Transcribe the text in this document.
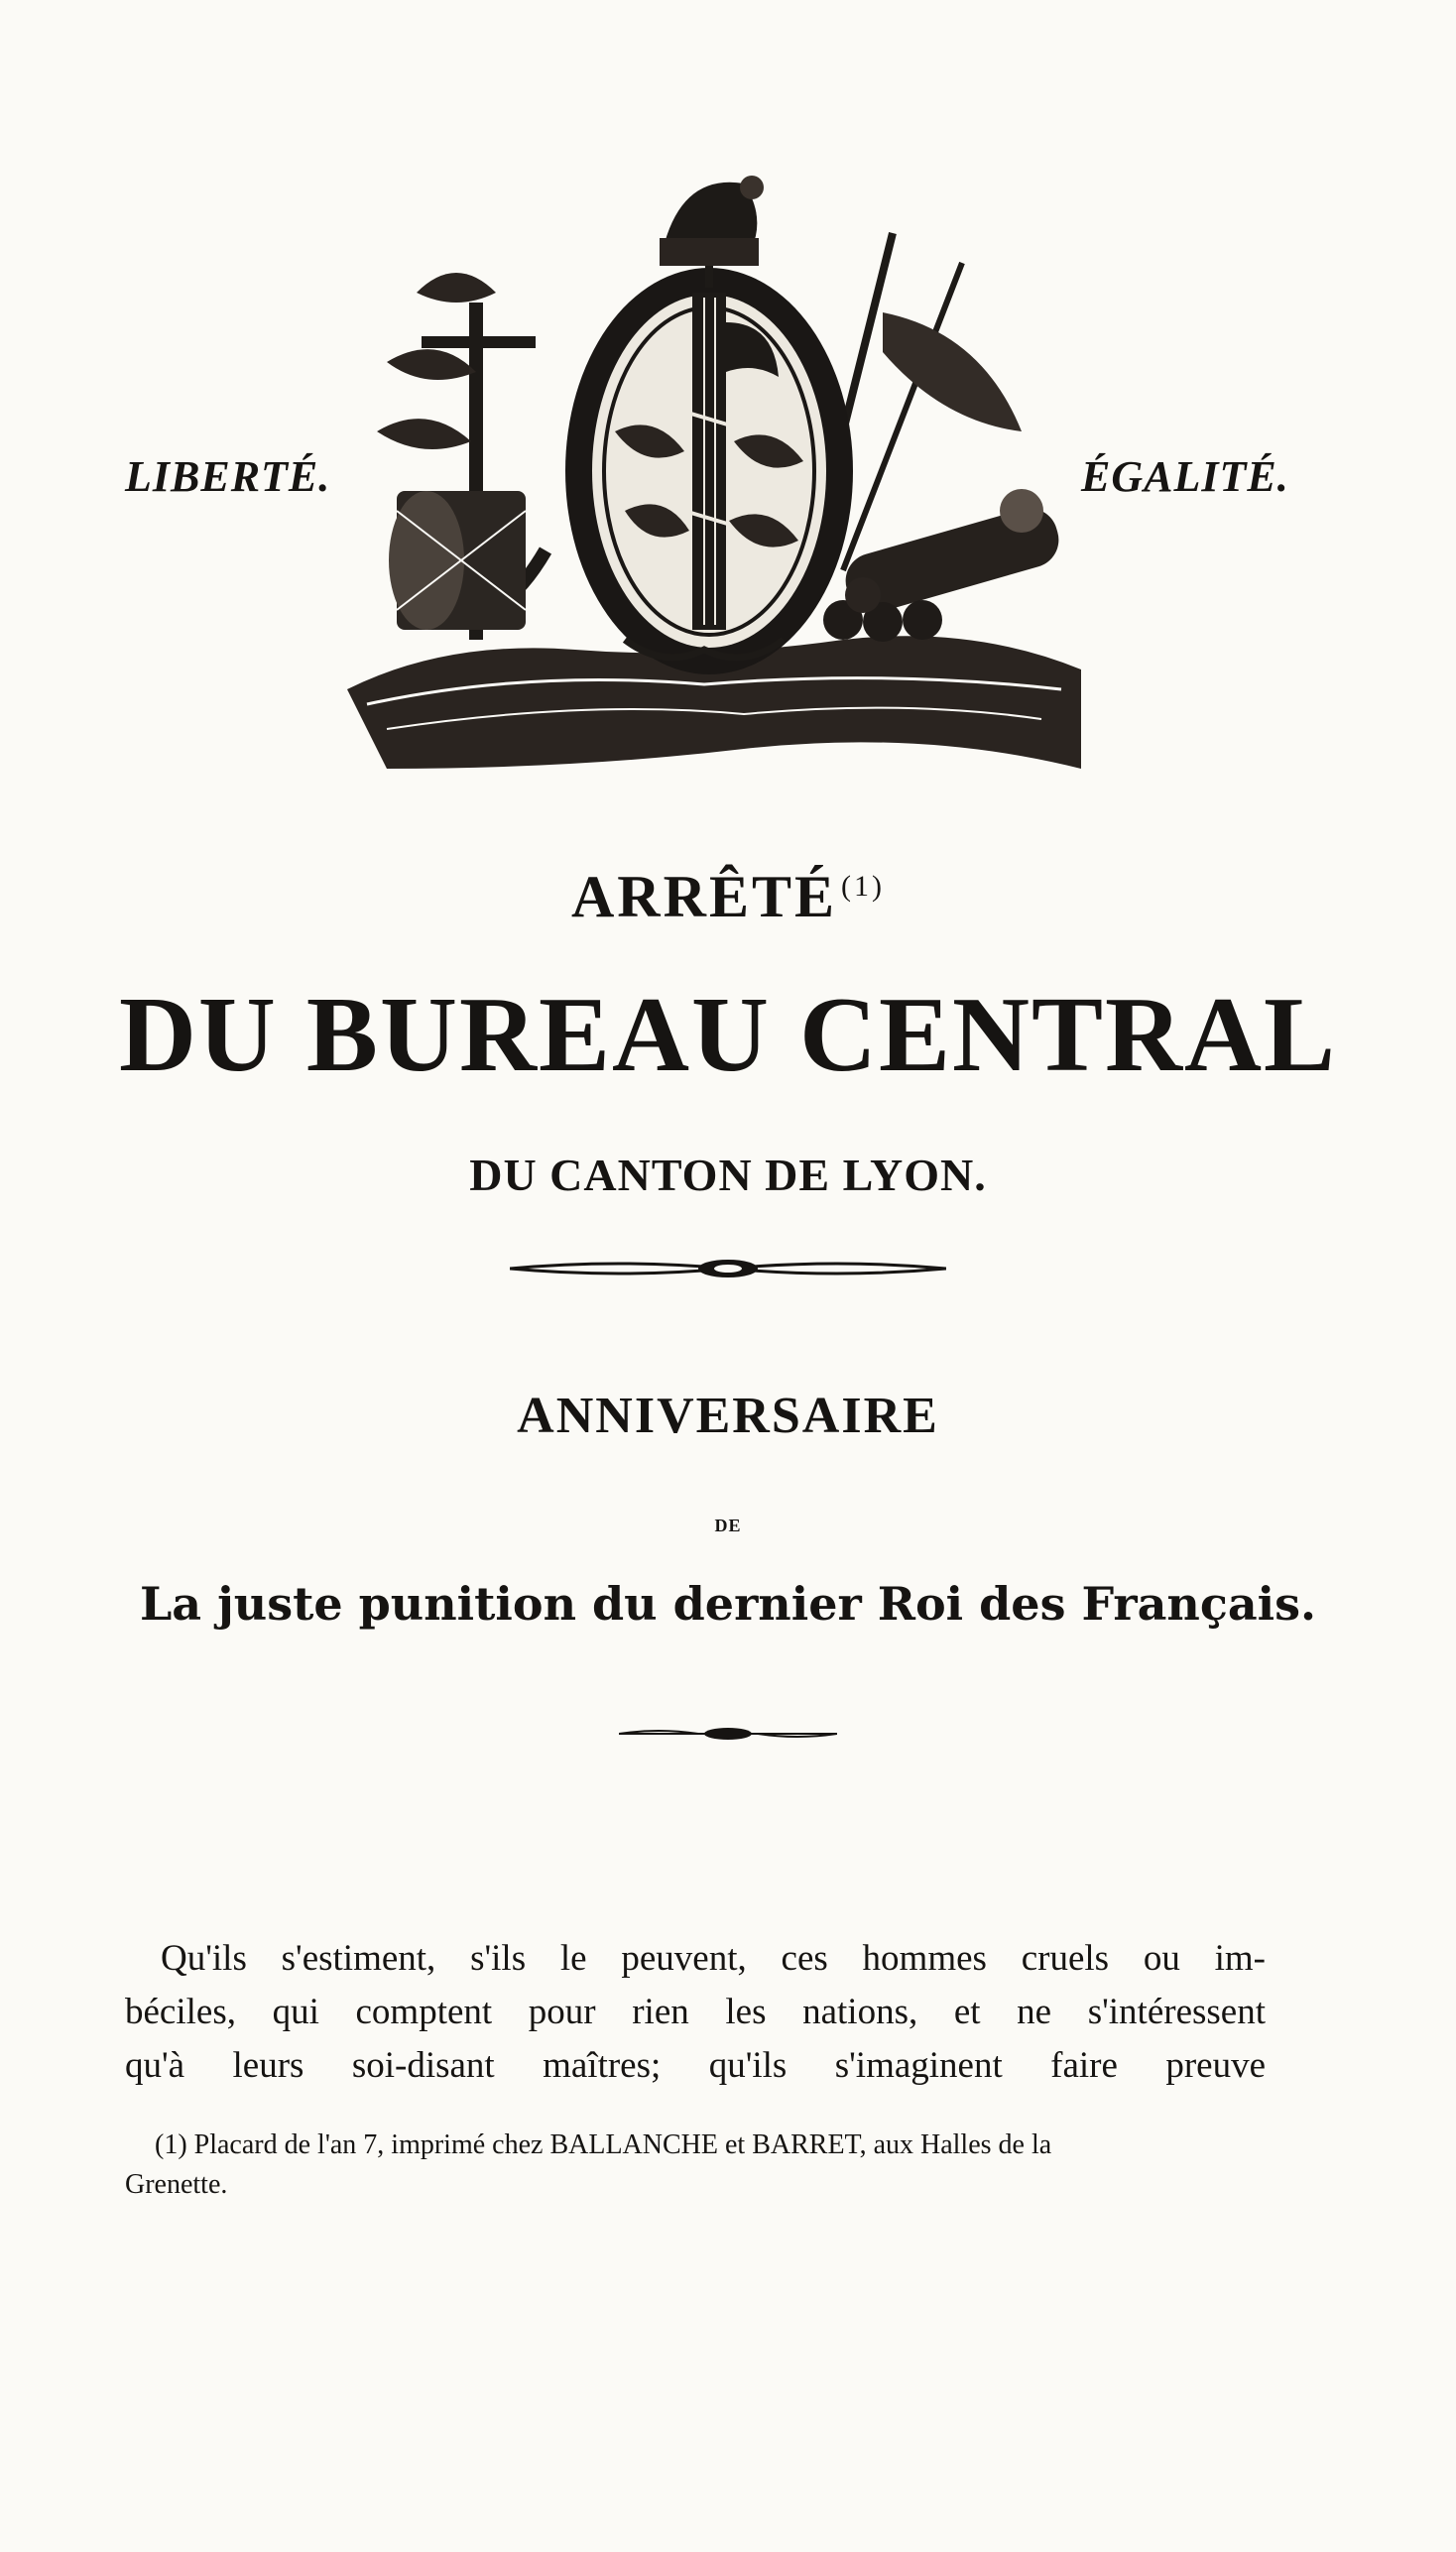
LIBERTÉ.	ÉGALITÉ.
ARRÊTÉ $^{(1)}$
DU BUREAU CENTRAL
DU CANTON DE LYON.
ANNIVERSAIRE
DE
La juste punition du dernier Roi des Français.
Qu'ils s'estiment, s'ils le peuvent, ces hommes cruels ou im-
béciles, qui comptent pour rien les nations, et ne s'intéressent
qu'à leurs soi-disant maîtres; qu'ils s'imaginent faire preuve
(1) Placard de l'an 7, imprimé chez BALLANCHE et BARRET, aux Halles de la
Grenette.
